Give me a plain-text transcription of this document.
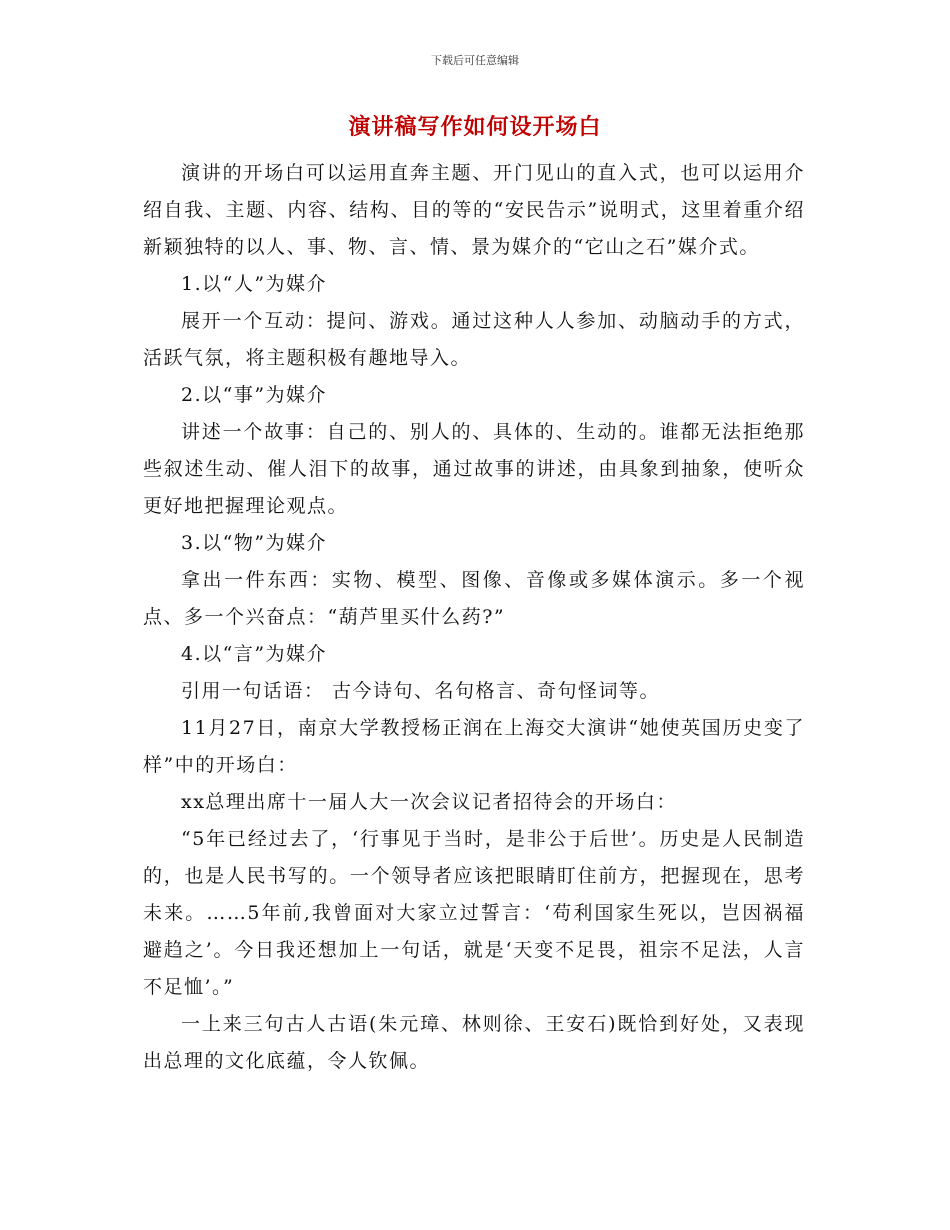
下载后可任意编辑
演讲稿写作如何设开场白

演讲的开场白可以运用直奔主题、开门见山的直入式，也可以运用介绍自我、主题、内容、结构、目的等的“安民告示”说明式，这里着重介绍新颖独特的以人、事、物、言、情、景为媒介的“它山之石”媒介式。

1.以“人”为媒介

展开一个互动：提问、游戏。通过这种人人参加、动脑动手的方式，活跃气氛，将主题积极有趣地导入。

2.以“事”为媒介

讲述一个故事：自己的、别人的、具体的、生动的。谁都无法拒绝那些叙述生动、催人泪下的故事，通过故事的讲述，由具象到抽象，使听众更好地把握理论观点。

3.以“物”为媒介

拿出一件东西：实物、模型、图像、音像或多媒体演示。多一个视点、多一个兴奋点：“葫芦里买什么药?”

4.以“言”为媒介

引用一句话语： 古今诗句、名句格言、奇句怪词等。

11月27日，南京大学教授杨正润在上海交大演讲“她使英国历史变了样”中的开场白：

xx总理出席十一届人大一次会议记者招待会的开场白：

“5年已经过去了，‘行事见于当时，是非公于后世’。历史是人民制造的，也是人民书写的。一个领导者应该把眼睛盯住前方，把握现在，思考未来。……5年前,我曾面对大家立过誓言：‘苟利国家生死以，岂因祸福避趋之’。今日我还想加上一句话，就是‘天变不足畏，祖宗不足法，人言不足恤’。”

一上来三句古人古语(朱元璋、林则徐、王安石)既恰到好处，又表现出总理的文化底蕴，令人钦佩。
